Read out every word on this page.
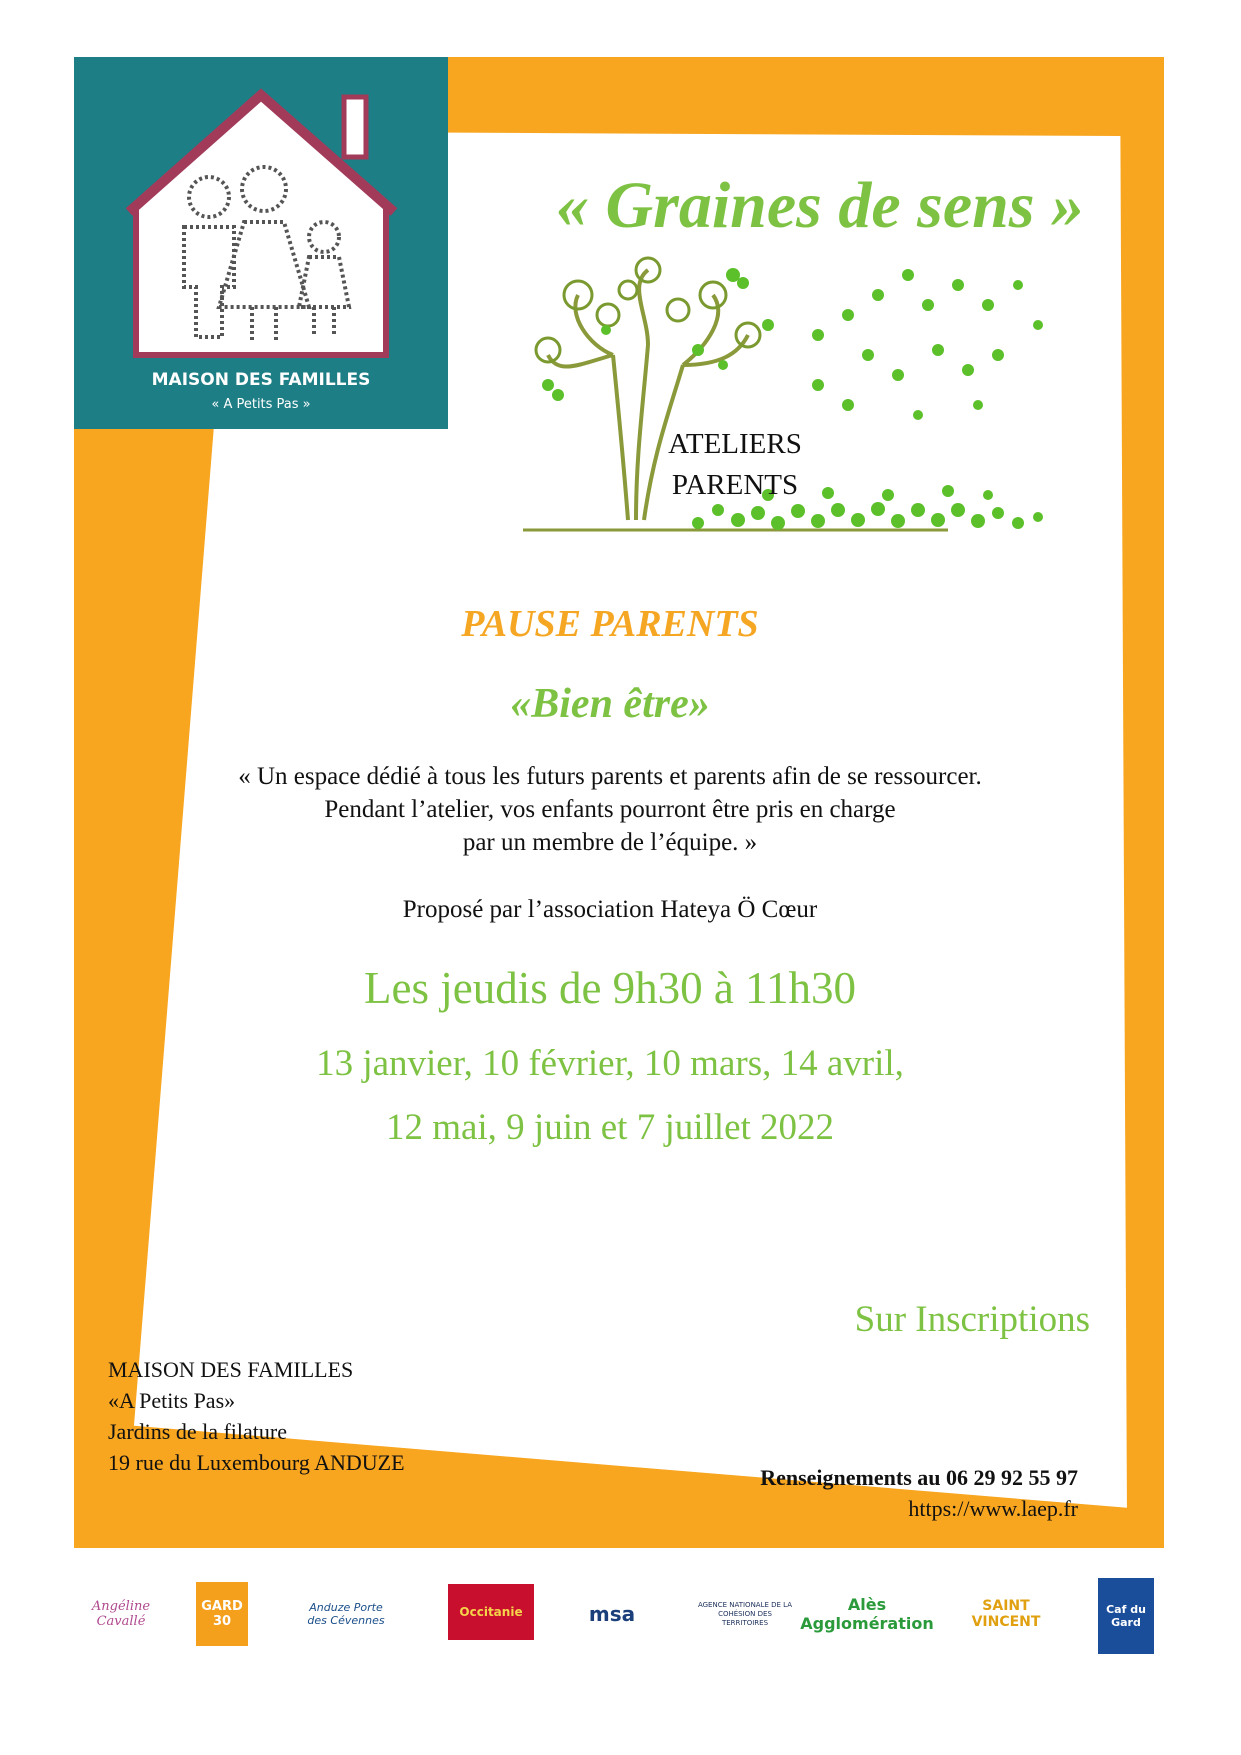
MAISON DES FAMILLES
« A Petits Pas »
« Graines de sens »
ATELIERS
PARENTS
PAUSE PARENTS
«Bien être»
« Un espace dédié à tous les futurs parents et parents afin de se ressourcer.
Pendant l’atelier, vos enfants pourront être pris en charge
par un membre de l’équipe. »
Proposé par l’association Hateya Ö Cœur
Les jeudis de 9h30 à 11h30
13 janvier, 10 février, 10 mars, 14 avril,
12 mai, 9 juin et 7 juillet 2022
Sur Inscriptions
MAISON DES FAMILLES
«A Petits Pas»
Jardins de la filature
19 rue du Luxembourg ANDUZE
Renseignements au 06 29 92 55 97
https://www.laep.fr
Angéline Cavallé
GARD 30
Anduze Porte des Cévennes
Occitanie	msa	AGENCE NATIONALE DE LA COHÉSION DES TERRITOIRES
Alès Agglomération
SAINT VINCENT
Caf du Gard
